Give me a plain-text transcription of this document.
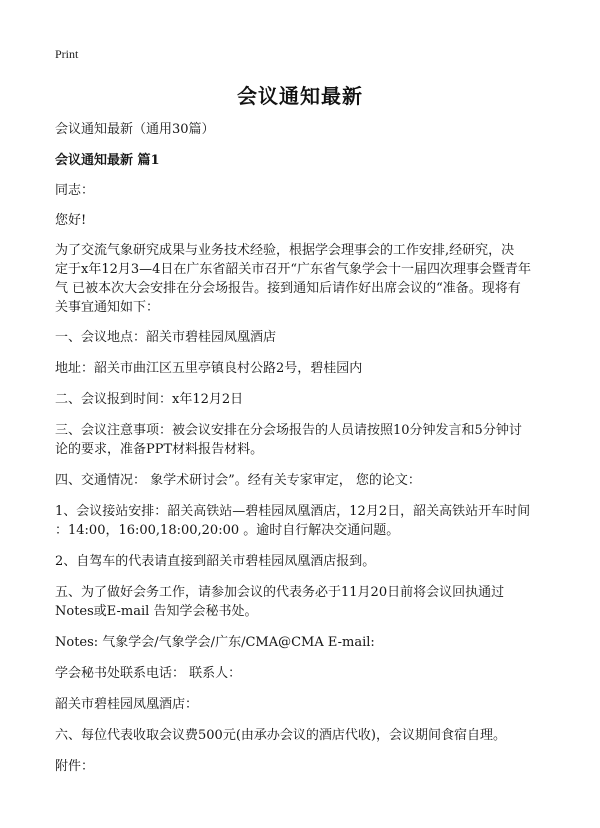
Print
会议通知最新
会议通知最新（通用30篇）
会议通知最新 篇1
同志：
您好!
为了交流气象研究成果与业务技术经验，根据学会理事会的工作安排,经研究，决
定于x年12月3—4日在广东省韶关市召开“广东省气象学会十一届四次理事会暨青年
气 已被本次大会安排在分会场报告。接到通知后请作好出席会议的“准备。现将有
关事宜通知如下：
一、会议地点：韶关市碧桂园凤凰酒店
地址：韶关市曲江区五里亭镇良村公路2号，碧桂园内
二、会议报到时间：x年12月2日
三、会议注意事项：被会议安排在分会场报告的人员请按照10分钟发言和5分钟讨
论的要求，准备PPT材料报告材料。
四、交通情况： 象学术研讨会”。经有关专家审定， 您的论文：
1、会议接站安排：韶关高铁站—碧桂园凤凰酒店，12月2日，韶关高铁站开车时间
：14:00，16:00,18:00,20:00 。逾时自行解决交通问题。
2、自驾车的代表请直接到韶关市碧桂园凤凰酒店报到。
五、为了做好会务工作，请参加会议的代表务必于11月20日前将会议回执通过
Notes或E-mail 告知学会秘书处。
Notes: 气象学会/气象学会/广东/CMA@CMA E-mail:
学会秘书处联系电话： 联系人：
韶关市碧桂园凤凰酒店：
六、每位代表收取会议费500元(由承办会议的酒店代收)，会议期间食宿自理。
附件：
